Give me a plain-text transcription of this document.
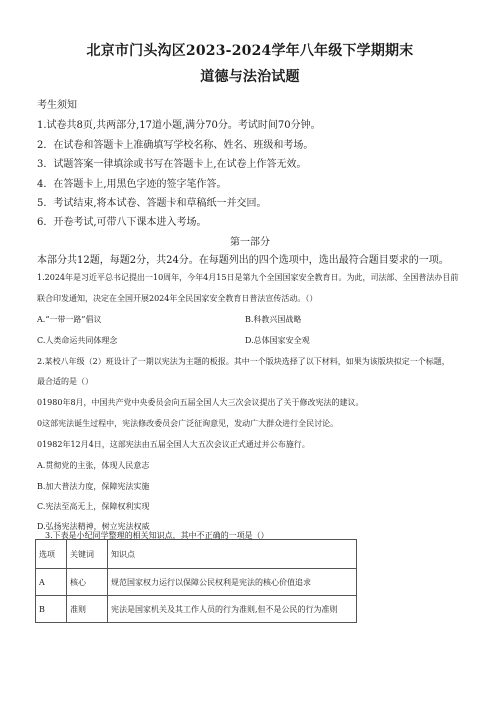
北京市门头沟区2023-2024学年八年级下学期期末
道德与法治试题
考生须知
1.试卷共8页,共两部分,17道小题,满分70分。考试时间70分钟。
2．在试卷和答题卡上准确填写学校名称、姓名、班级和考场。
3．试题答案一律填涂或书写在答题卡上,在试卷上作答无效。
4．在答题卡上,用黑色字迹的签字笔作答。
5．考试结束,将本试卷、答题卡和草稿纸一并交回。
6．开卷考试,可带八下课本进入考场。
第一部分
本部分共12题，每题2分，共24分。在每题列出的四个选项中，选出最符合题目要求的一项。
1.2024年是习近平总书记提出一10周年，今年4月15日是第九个全国国家安全教育日。为此，司法部、全国普法办目前
联合印发通知，决定在全国开展2024年全民国家安全教育日普法宣传活动。（）
A.“一带一路”倡议	B.科教兴国战略
C.人类命运共同体理念	D.总体国家安全观
2.某校八年级（2）班设计了一期以宪法为主题的板报。其中一个版块选择了以下材料，如果为该版块拟定一个标题，
最合适的是（）
01980年8月，中国共产党中央委员会向五届全国人大三次会议提出了关于修改宪法的建议。
0这部宪法诞生过程中，宪法修改委员会广泛征询意见，发动广大群众进行全民讨论。
01982年12月4日，这部宪法由五届全国人大五次会议正式通过并公布施行。
A.贯彻党的主张，体现人民意志
B.加大普法力度，保障宪法实施
C.宪法至高无上，保障权利实现
D.弘扬宪法精神，树立宪法权威
3.下表是小纪同学整理的相关知识点，其中不正确的一项是（）
选项	关键词	知识点
A	核心	规范国家权力运行以保障公民权利是宪法的核心价值追求
B	准则	宪法是国家机关及其工作人员的行为准则,但不是公民的行为准则
